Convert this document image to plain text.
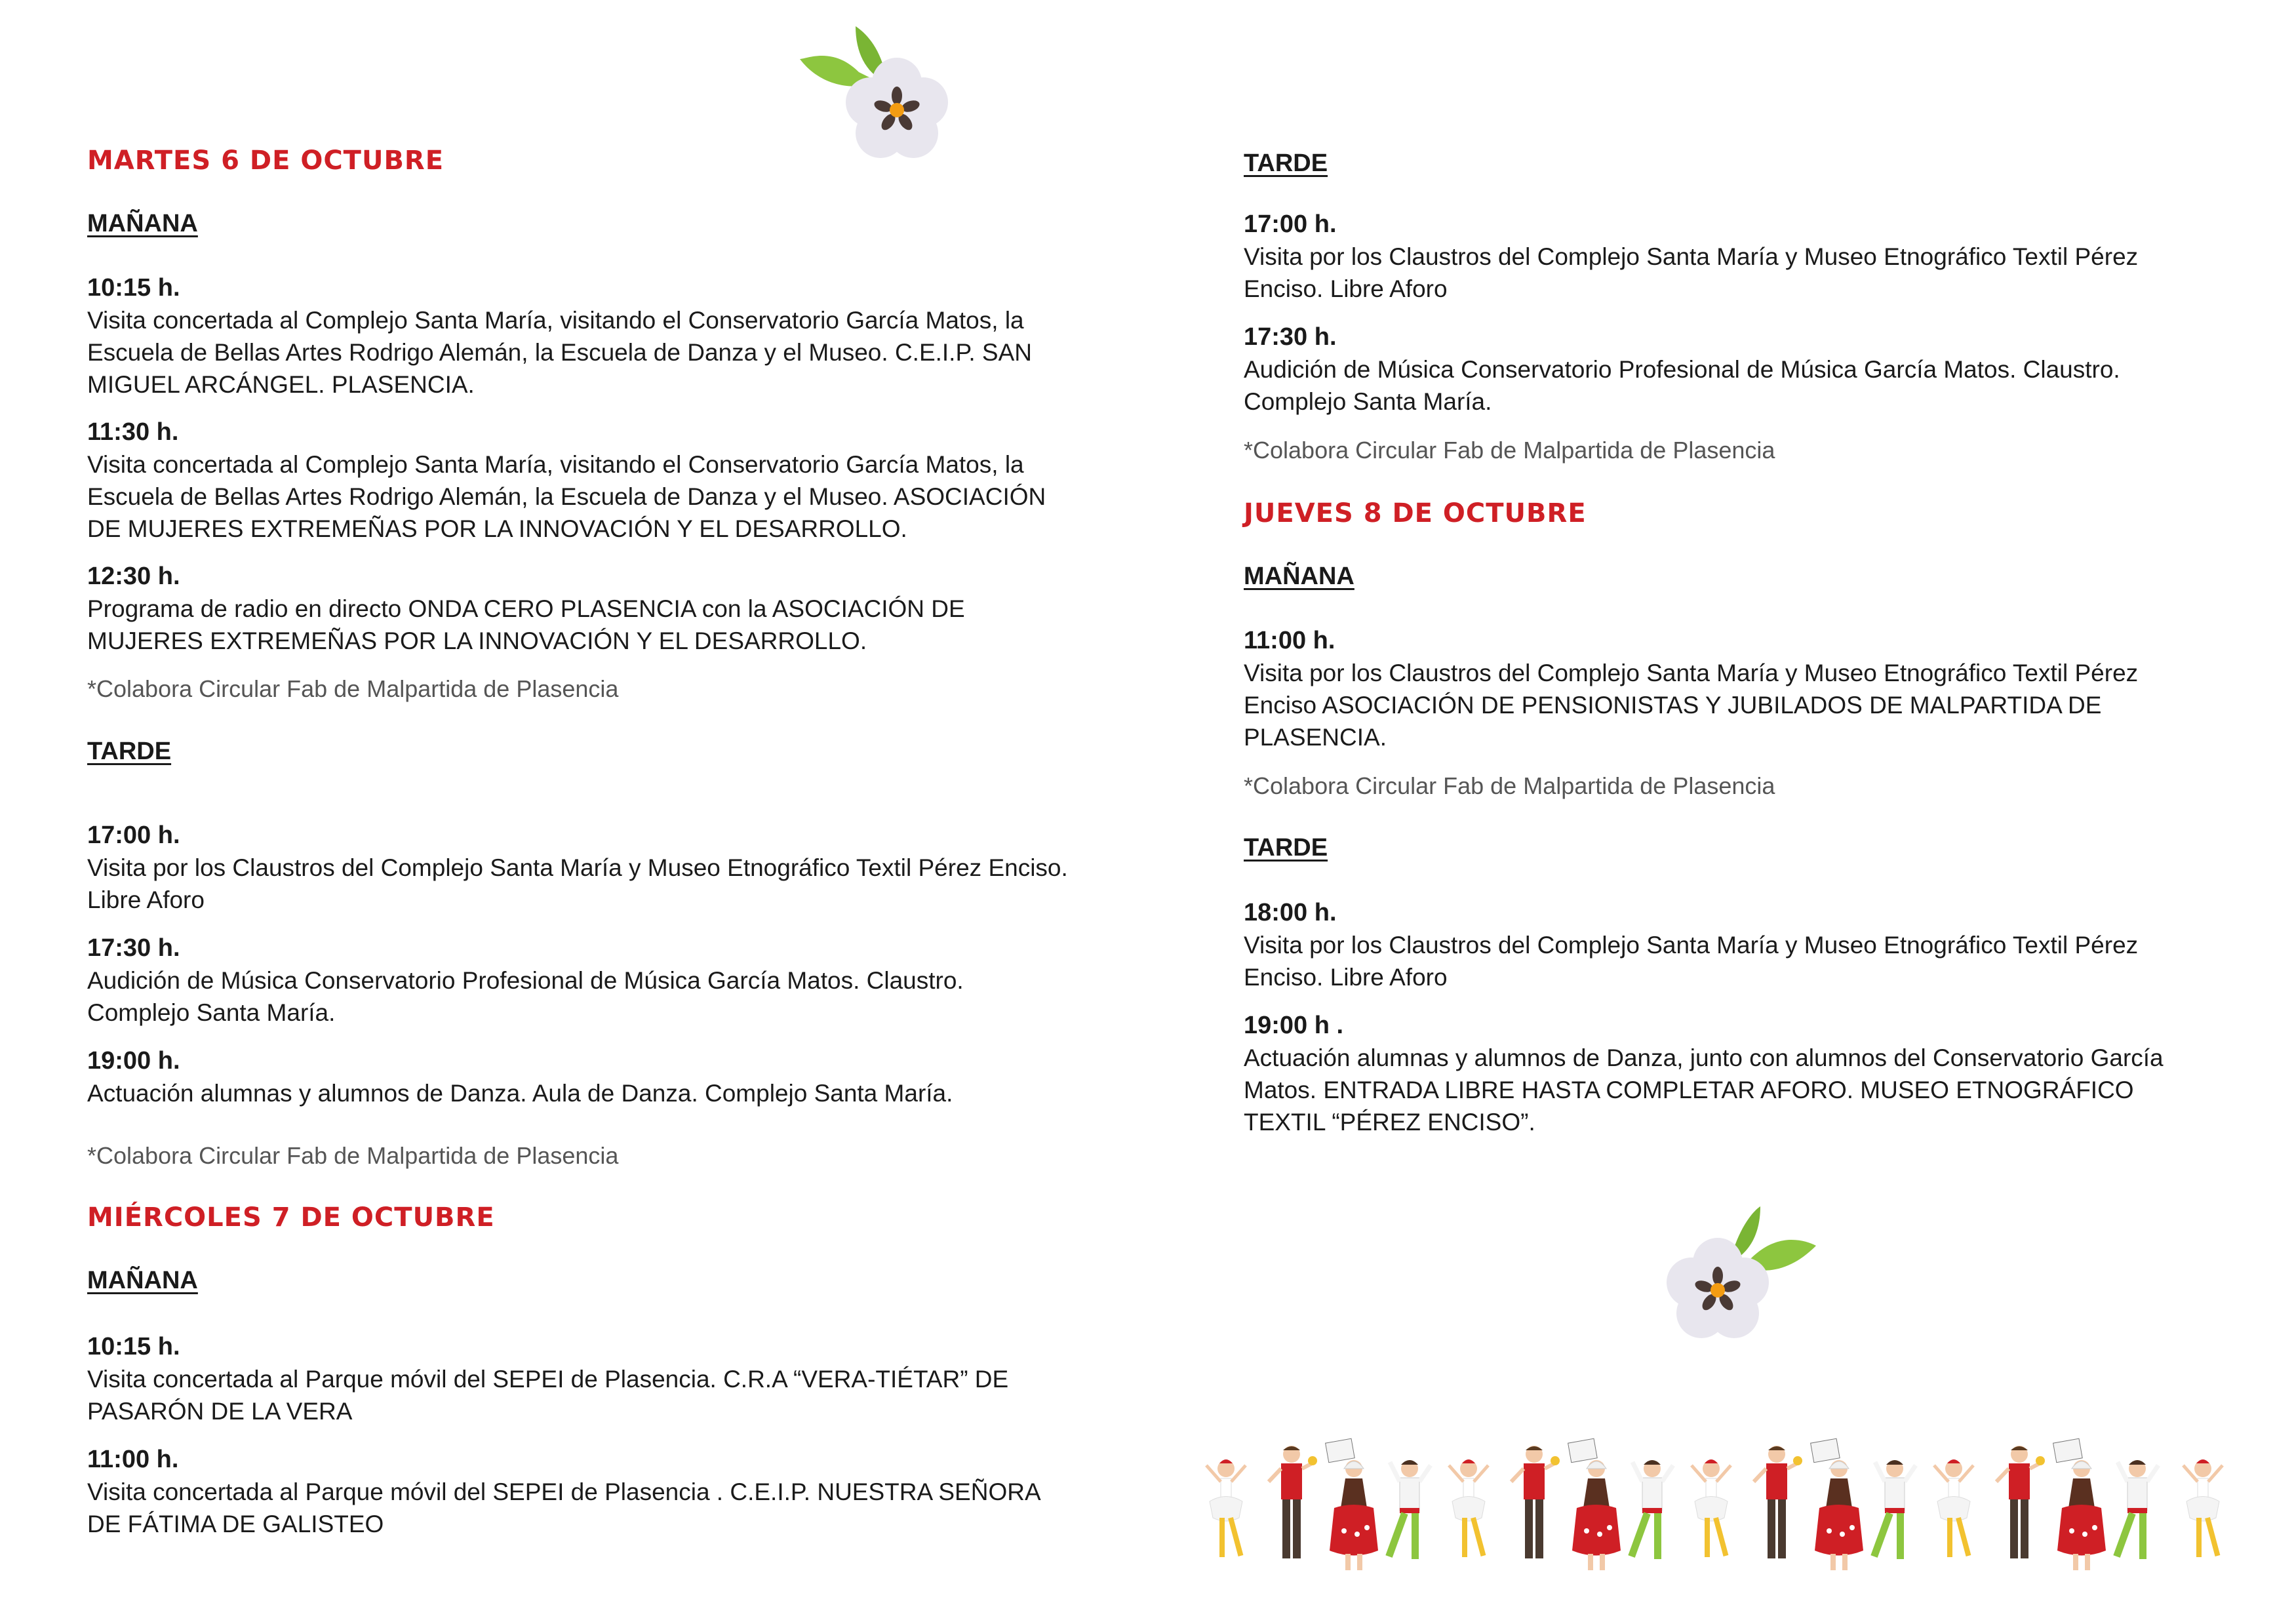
MARTES 6 DE OCTUBRE
MAÑANA
10:15 h.
Visita concertada al Complejo Santa María, visitando el Conservatorio García Matos, la Escuela de Bellas Artes Rodrigo Alemán, la Escuela de Danza y el Museo. C.E.I.P. SAN MIGUEL ARCÁNGEL. PLASENCIA.
11:30 h.
Visita concertada al Complejo Santa María, visitando el Conservatorio García Matos, la Escuela de Bellas Artes Rodrigo Alemán, la Escuela de Danza y el Museo. ASOCIACIÓN DE MUJERES EXTREMEÑAS POR LA INNOVACIÓN Y EL DESARROLLO.
12:30 h.
Programa de radio en directo ONDA CERO PLASENCIA con la ASOCIACIÓN DE MUJERES EXTREMEÑAS POR LA INNOVACIÓN Y EL DESARROLLO.

*Colabora Circular Fab de Malpartida de Plasencia

TARDE
17:00 h.
Visita por los Claustros del Complejo Santa María y Museo Etnográfico Textil Pérez Enciso. Libre Aforo
17:30 h.
Audición de Música Conservatorio Profesional de Música García Matos. Claustro. Complejo Santa María.
19:00 h.
Actuación alumnas y alumnos de Danza. Aula de Danza. Complejo Santa María.

*Colabora Circular Fab de Malpartida de Plasencia

MIÉRCOLES 7 DE OCTUBRE
MAÑANA
10:15 h.
Visita concertada al Parque móvil del SEPEI de Plasencia. C.R.A “VERA-TIÉTAR” DE PASARÓN DE LA VERA
11:00 h.
Visita concertada al Parque móvil del SEPEI de Plasencia . C.E.I.P. NUESTRA SEÑORA DE FÁTIMA DE GALISTEO
TARDE
17:00 h.
Visita por los Claustros del Complejo Santa María y Museo Etnográfico Textil Pérez Enciso. Libre Aforo
17:30 h.
Audición de Música Conservatorio Profesional de Música García Matos. Claustro. Complejo Santa María.

*Colabora Circular Fab de Malpartida de Plasencia

JUEVES 8 DE OCTUBRE
MAÑANA
11:00 h.
Visita por los Claustros del Complejo Santa María y Museo Etnográfico Textil Pérez Enciso ASOCIACIÓN DE PENSIONISTAS Y JUBILADOS DE MALPARTIDA DE PLASENCIA.

*Colabora Circular Fab de Malpartida de Plasencia

TARDE
18:00 h.
Visita por los Claustros del Complejo Santa María y Museo Etnográfico Textil Pérez Enciso. Libre Aforo
19:00 h .
Actuación alumnas y alumnos de Danza, junto con alumnos del Conservatorio García Matos. ENTRADA LIBRE HASTA COMPLETAR AFORO. MUSEO ETNOGRÁFICO TEXTIL “PÉREZ ENCISO”.
